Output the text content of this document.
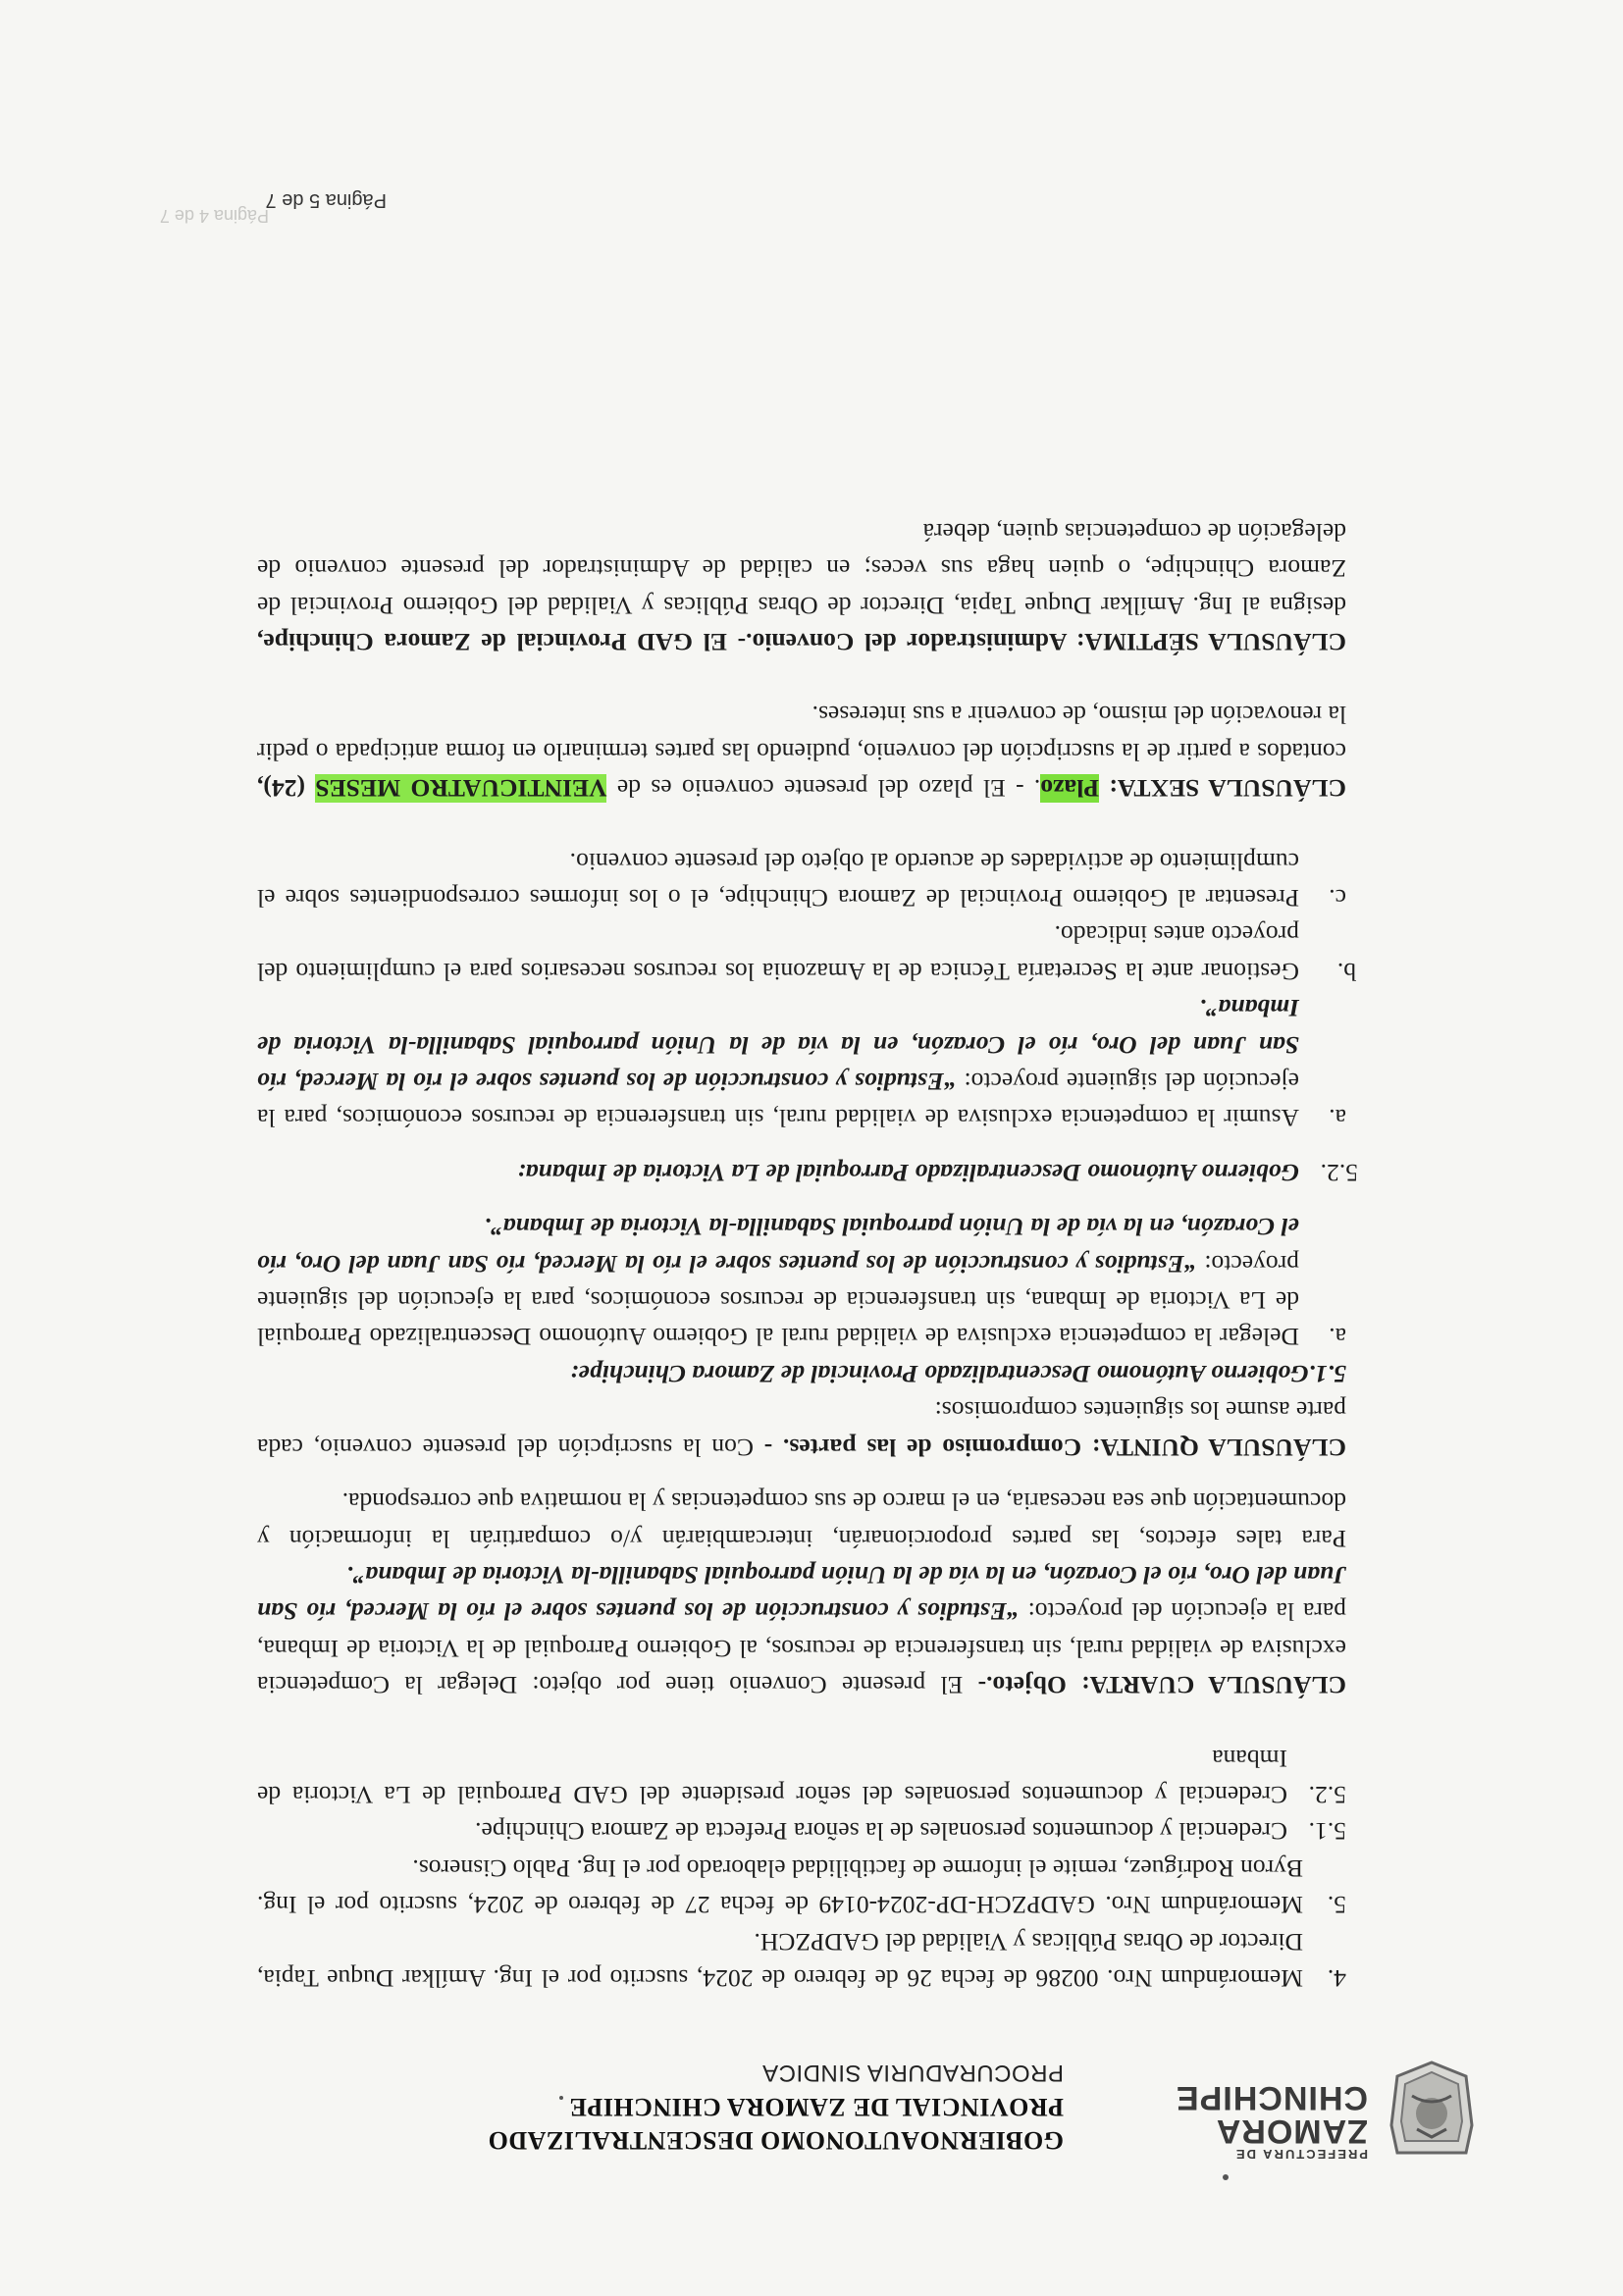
PREFECTURA DE
ZAMORA
CHINCHIPE
GOBIERNOAUTONOMO DESCENTRALIZADO
PROVINCIAL DE ZAMORA CHINCHIPE
PROCURADURIA SINDICA

4.
Memorándum Nro. 00286 de fecha 26 de febrero de 2024, suscrito por el Ing. Amílkar Duque Tapia, Director de Obras Públicas y Vialidad del GADPZCH.

5.
Memorándum Nro. GADPZCH-DP-2024-0149 de fecha 27 de febrero de 2024, suscrito por el Ing. Byron Rodríguez, remite el informe de factibilidad elaborado por el Ing. Pablo Cisneros.

5.1.
Credencial y documentos personales de la señora Prefecta de Zamora Chinchipe.

5.2.
Credencial y documentos personales del señor presidente del GAD Parroquial de La Victoria de Imbana

CLÁUSULA CUARTA: Objeto.- El presente Convenio tiene por objeto: Delegar la Competencia exclusiva de vialidad rural, sin transferencia de recursos, al Gobierno Parroquial de la Victoria de Imbana, para la ejecución del proyecto: “Estudios y construcción de los puentes sobre el río la Merced, río San Juan del Oro, río el Corazón, en la vía de la Unión parroquial Sabanilla-la Victoria de Imbana”.

Para tales efectos, las partes proporcionarán, intercambiarán y/o compartirán la información y documentación que sea necesaria, en el marco de sus competencias y la normativa que corresponda.

CLÁUSULA QUINTA: Compromiso de las partes. - Con la suscripción del presente convenio, cada parte asume los siguientes compromisos:

5.1.Gobierno Autónomo Descentralizado Provincial de Zamora Chinchipe:

a.
Delegar la competencia exclusiva de vialidad rural al Gobierno Autónomo Descentralizado Parroquial de La Victoria de Imbana, sin transferencia de recursos económicos, para la ejecución del siguiente proyecto: “Estudios y construcción de los puentes sobre el río la Merced, río San Juan del Oro, río el Corazón, en la vía de la Unión parroquial Sabanilla-la Victoria de Imbana”.

5.2.
Gobierno Autónomo Descentralizado Parroquial de La Victoria de Imbana:

a.
Asumir la competencia exclusiva de vialidad rural, sin transferencia de recursos económicos, para la ejecución del siguiente proyecto: “Estudios y construcción de los puentes sobre el río la Merced, río San Juan del Oro, río el Corazón, en la vía de la Unión parroquial Sabanilla-la Victoria de Imbana”.

b.
Gestionar ante la Secretaría Técnica de la Amazonia los recursos necesarios para el cumplimiento del proyecto antes indicado.

c.
Presentar al Gobierno Provincial de Zamora Chinchipe, el o los informes correspondientes sobre el cumplimiento de actividades de acuerdo al objeto del presente convenio.

CLÁUSULA SEXTA: Plazo. - El plazo del presente convenio es de VEINTICUATRO MESES (24), contados a partir de la suscripción del convenio, pudiendo las partes terminarlo en forma anticipada o pedir la renovación del mismo, de convenir a sus intereses.

CLÁUSULA SÉPTIMA: Administrador del Convenio.- El GAD Provincial de Zamora Chinchipe, designa al Ing. Amílkar Duque Tapia, Director de Obras Públicas y Vialidad del Gobierno Provincial de Zamora Chinchipe, o quien haga sus veces; en calidad de Administrador del presente convenio de delegación de competencias quien, deberá

Página 5 de 7
Página 4 de 7
